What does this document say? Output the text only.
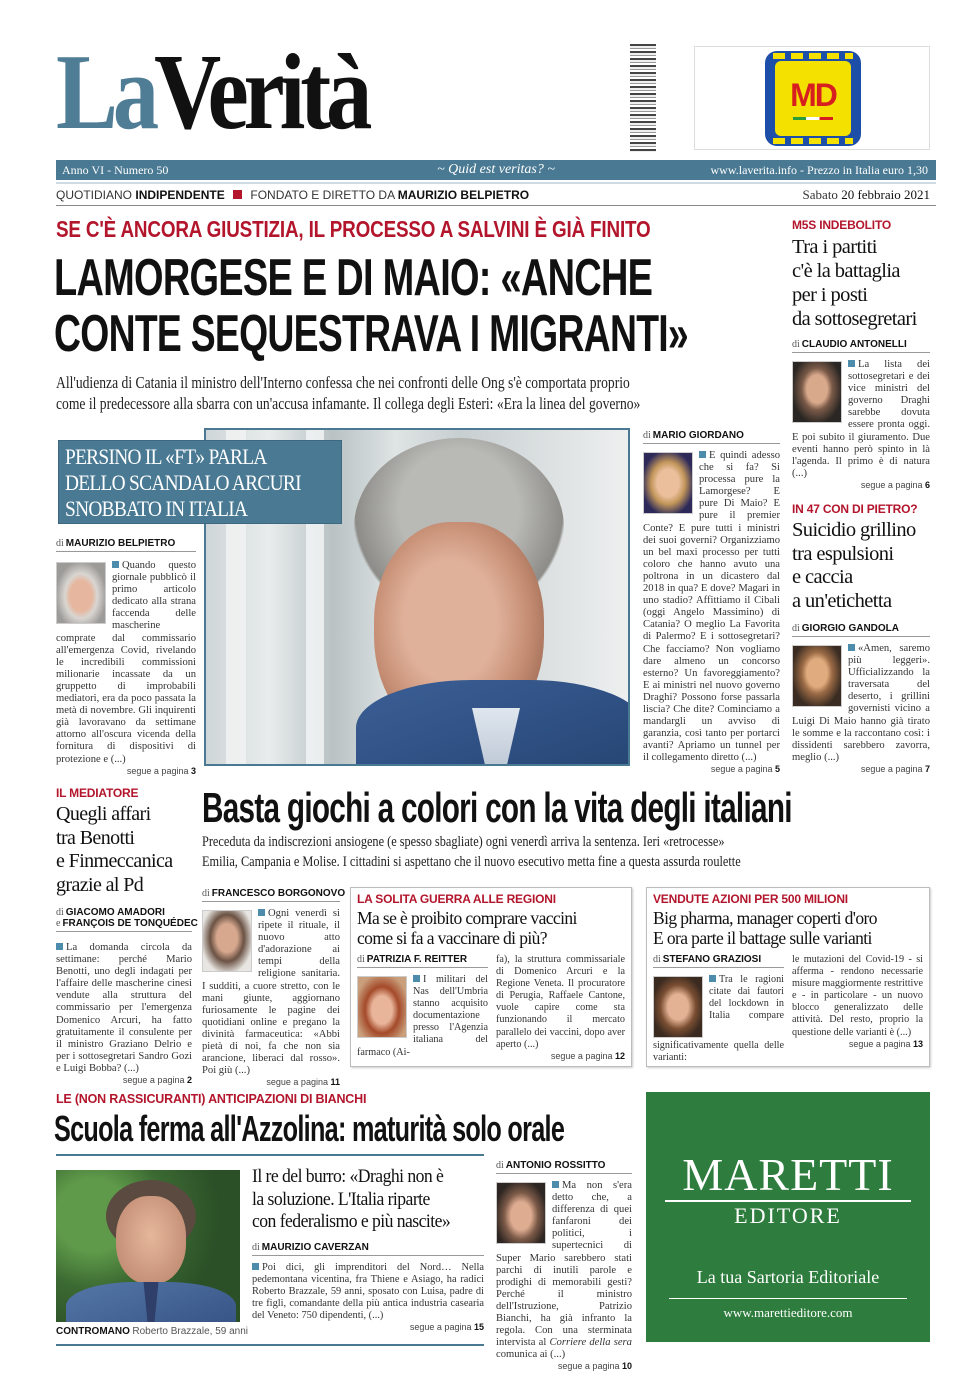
LaVerità	MD
Anno VI - Numero 50	~ Quid est veritas? ~	www.laverita.info - Prezzo in Italia euro 1,30
QUOTIDIANO INDIPENDENTE FONDATO E DIRETTO DA MAURIZIO BELPIETRO	Sabato 20 febbraio 2021
SE C'È ANCORA GIUSTIZIA, IL PROCESSO A SALVINI È GIÀ FINITO
LAMORGESE E DI MAIO: «ANCHE
CONTE SEQUESTRAVA I MIGRANTI»
All'udienza di Catania il ministro dell'Interno confessa che nei confronti delle Ong s'è comportata proprio
come il predecessore alla sbarra con un'accusa infamante. Il collega degli Esteri: «Era la linea del governo»
M5S INDEBOLITO
Tra i partiti
c'è la battaglia
per i posti
da sottosegretari
di CLAUDIO ANTONELLI
La lista dei sottosegretari e dei vice ministri del governo Draghi sarebbe dovuta essere pronta oggi. E poi subito il giuramento. Due eventi hanno però spinto in là l'agenda. Il primo è di natura (...)
segue a pagina 6
IN 47 CON DI PIETRO?
Suicidio grillino
tra espulsioni
e caccia
a un'etichetta
di GIORGIO GANDOLA
«Amen, saremo più leggeri». Ufficializzando la traversata del deserto, i grillini governisti vicino a Luigi Di Maio hanno già tirato le somme e la raccontano così: i dissidenti sarebbero zavorra, meglio (...)
segue a pagina 7
PERSINO IL «FT» PARLA
DELLO SCANDALO ARCURI
SNOBBATO IN ITALIA
di MAURIZIO BELPIETRO
Quando questo giornale pubblicò il primo articolo dedicato alla strana faccenda delle mascherine comprate dal commissario all'emergenza Covid, rivelando le incredibili commissioni milionarie incassate da un gruppetto di improbabili mediatori, era da poco passata la metà di novembre. Gli inquirenti già lavoravano da settimane attorno all'oscura vicenda della fornitura di dispositivi di protezione e (...)
segue a pagina 3
di MARIO GIORDANO
E quindi adesso che si fa? Si processa pure la Lamorgese? E pure Di Maio? E pure il premier Conte? E pure tutti i ministri dei suoi governi? Organizziamo un bel maxi processo per tutti coloro che hanno avuto una poltrona in un dicastero dal 2018 in qua? E dove? Magari in uno stadio? Affittiamo il Cibali (oggi Angelo Massimino) di Catania? O meglio La Favorita di Palermo? E i sottosegretari? Che facciamo? Non vogliamo dare almeno un concorso esterno? Un favoreggiamento? E ai ministri nel nuovo governo Draghi? Possono forse passarla liscia? Che dite? Cominciamo a mandargli un avviso di garanzia, così tanto per portarci avanti? Apriamo un tunnel per il collegamento diretto (...)
segue a pagina 5
IL MEDIATORE
Quegli affari
tra Benotti
e Finmeccanica
grazie al Pd
di GIACOMO AMADORI
e FRANÇOIS DE TONQUÉDEC
La domanda circola da settimane: perché Mario Benotti, uno degli indagati per l'affaire delle mascherine cinesi vendute alla struttura del commissario per l'emergenza Domenico Arcuri, ha fatto gratuitamente il consulente per il ministro Graziano Delrio e per i sottosegretari Sandro Gozi e Luigi Bobba? (...)
segue a pagina 2
Basta giochi a colori con la vita degli italiani
Preceduta da indiscrezioni ansiogene (e spesso sbagliate) ogni venerdì arriva la sentenza. Ieri «retrocesse»
Emilia, Campania e Molise. I cittadini si aspettano che il nuovo esecutivo metta fine a questa assurda roulette
di FRANCESCO BORGONOVO
Ogni venerdì si ripete il rituale, il nuovo atto d'adorazione ai tempi della religione sanitaria. I sudditi, a cuore stretto, con le mani giunte, aggiornano furiosamente le pagine dei quotidiani online e pregano la divinità farmaceutica: «Abbi pietà di noi, fa che non sia arancione, liberaci dal rosso». Poi giù (...)
segue a pagina 11
LA SOLITA GUERRA ALLE REGIONI
Ma se è proibito comprare vaccini
come si fa a vaccinare di più?
di PATRIZIA F. REITTER
I militari del Nas dell'Umbria stanno acquisito documentazione presso l'Agenzia italiana del farmaco (Ai-
fa), la struttura commissariale di Domenico Arcuri e la Regione Veneta. Il procuratore di Perugia, Raffaele Cantone, vuole capire come sta funzionando il mercato parallelo dei vaccini, dopo aver aperto (...)
segue a pagina 12
VENDUTE AZIONI PER 500 MILIONI
Big pharma, manager coperti d'oro
E ora parte il battage sulle varianti
di STEFANO GRAZIOSI
Tra le ragioni citate dai fautori del lockdown in Italia compare significativamente quella delle varianti:
le mutazioni del Covid-19 - si afferma - rendono necessarie misure maggiormente restrittive e - in particolare - un nuovo blocco generalizzato delle attività. Del resto, proprio la questione delle varianti è (...)
segue a pagina 13
LE (NON RASSICURANTI) ANTICIPAZIONI DI BIANCHI
Scuola ferma all'Azzolina: maturità solo orale
CONTROMANO Roberto Brazzale, 59 anni
Il re del burro: «Draghi non è
la soluzione. L'Italia riparte
con federalismo e più nascite»
di MAURIZIO CAVERZAN
Poi dici, gli imprenditori del Nord… Nella pedemontana vicentina, fra Thiene e Asiago, ha radici Roberto Brazzale, 59 anni, sposato con Luisa, padre di tre figli, comandante della più antica industria casearia del Veneto: 750 dipendenti, (...)
segue a pagina 15
di ANTONIO ROSSITTO
Ma non s'era detto che, a differenza di quei fanfaroni dei politici, i supertecnici di Super Mario sarebbero stati parchi di inutili parole e prodighi di memorabili gesti? Perché il ministro dell'Istruzione, Patrizio Bianchi, ha già infranto la regola. Con una sterminata intervista al Corriere della sera comunica ai (...)
segue a pagina 10
MARETTI
EDITORE
La tua Sartoria Editoriale
www.marettieditore.com
